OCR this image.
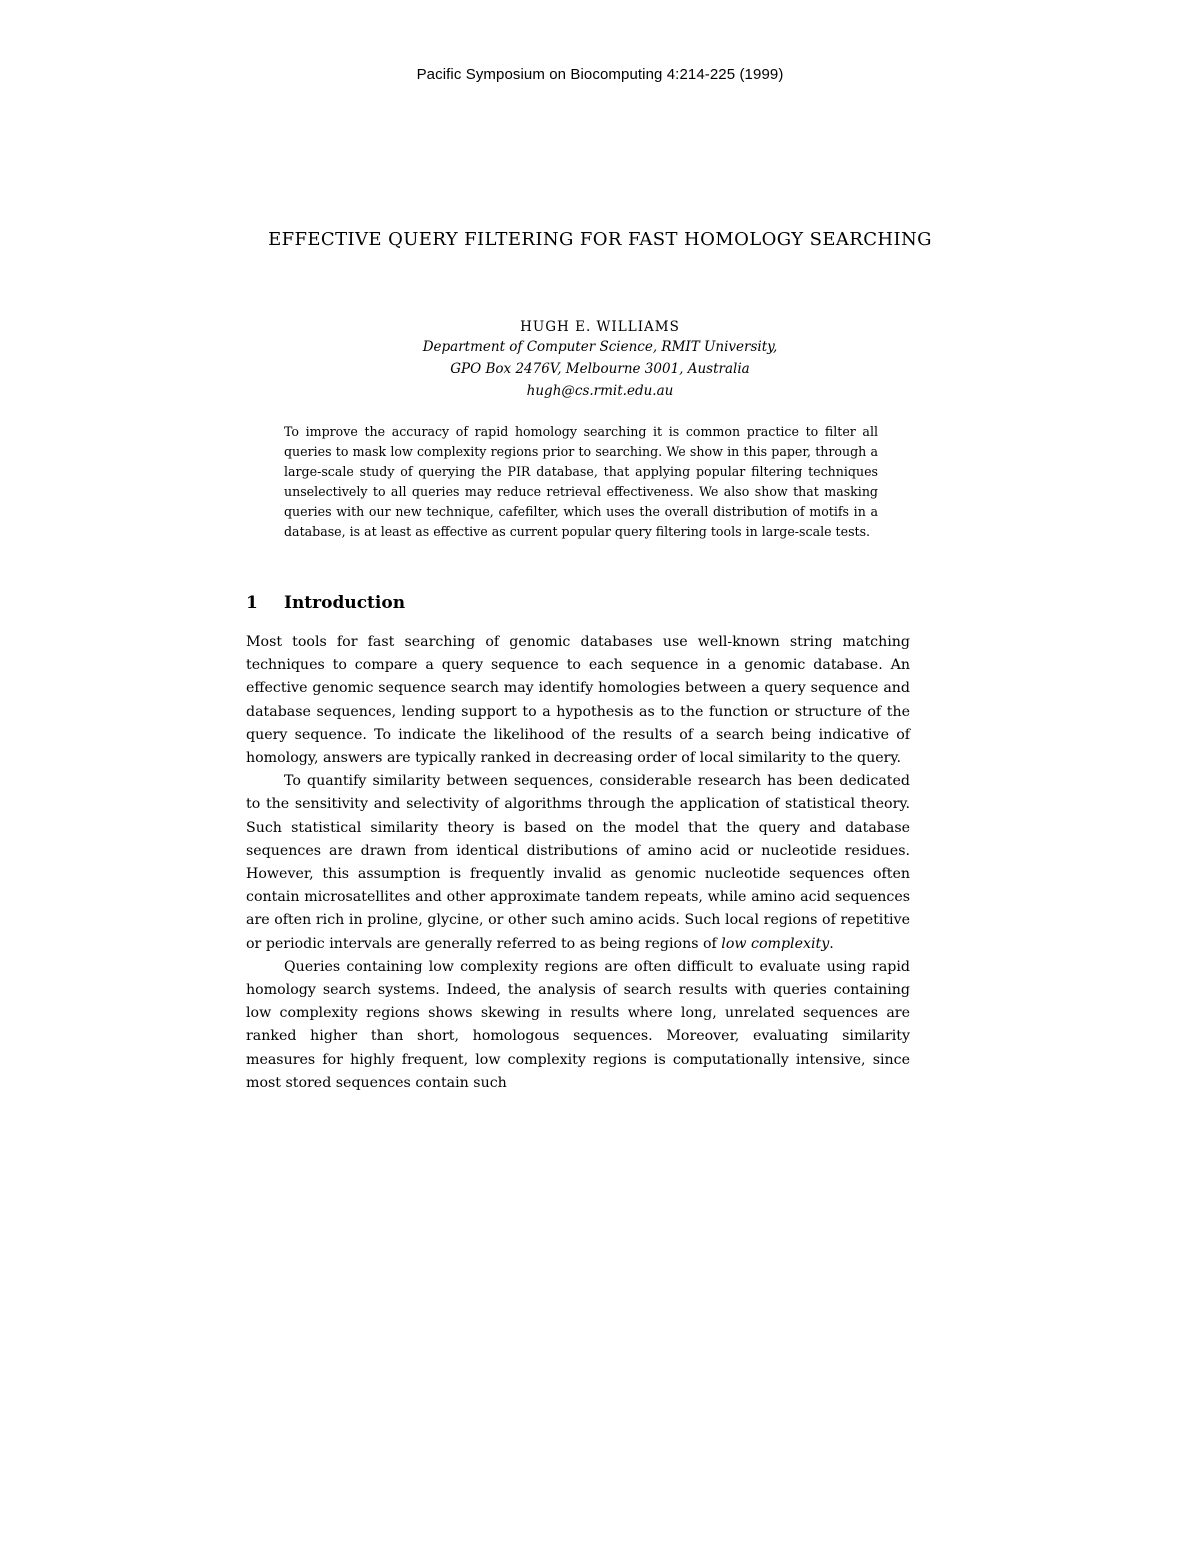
Pacific Symposium on Biocomputing 4:214-225 (1999)
EFFECTIVE QUERY FILTERING FOR FAST HOMOLOGY SEARCHING
HUGH E. WILLIAMS
Department of Computer Science, RMIT University,
GPO Box 2476V, Melbourne 3001, Australia
hugh@cs.rmit.edu.au

To improve the accuracy of rapid homology searching it is common practice to filter all queries to mask low complexity regions prior to searching. We show in this paper, through a large-scale study of querying the PIR database, that applying popular filtering techniques unselectively to all queries may reduce retrieval effectiveness. We also show that masking queries with our new technique, cafefilter, which uses the overall distribution of motifs in a database, is at least as effective as current popular query filtering tools in large-scale tests.

1 Introduction

Most tools for fast searching of genomic databases use well-known string matching techniques to compare a query sequence to each sequence in a genomic database. An effective genomic sequence search may identify homologies between a query sequence and database sequences, lending support to a hypothesis as to the function or structure of the query sequence. To indicate the likelihood of the results of a search being indicative of homology, answers are typically ranked in decreasing order of local similarity to the query.

To quantify similarity between sequences, considerable research has been dedicated to the sensitivity and selectivity of algorithms through the application of statistical theory. Such statistical similarity theory is based on the model that the query and database sequences are drawn from identical distributions of amino acid or nucleotide residues. However, this assumption is frequently invalid as genomic nucleotide sequences often contain microsatellites and other approximate tandem repeats, while amino acid sequences are often rich in proline, glycine, or other such amino acids. Such local regions of repetitive or periodic intervals are generally referred to as being regions of low complexity.

Queries containing low complexity regions are often difficult to evaluate using rapid homology search systems. Indeed, the analysis of search results with queries containing low complexity regions shows skewing in results where long, unrelated sequences are ranked higher than short, homologous sequences. Moreover, evaluating similarity measures for highly frequent, low complexity regions is computationally intensive, since most stored sequences contain such
